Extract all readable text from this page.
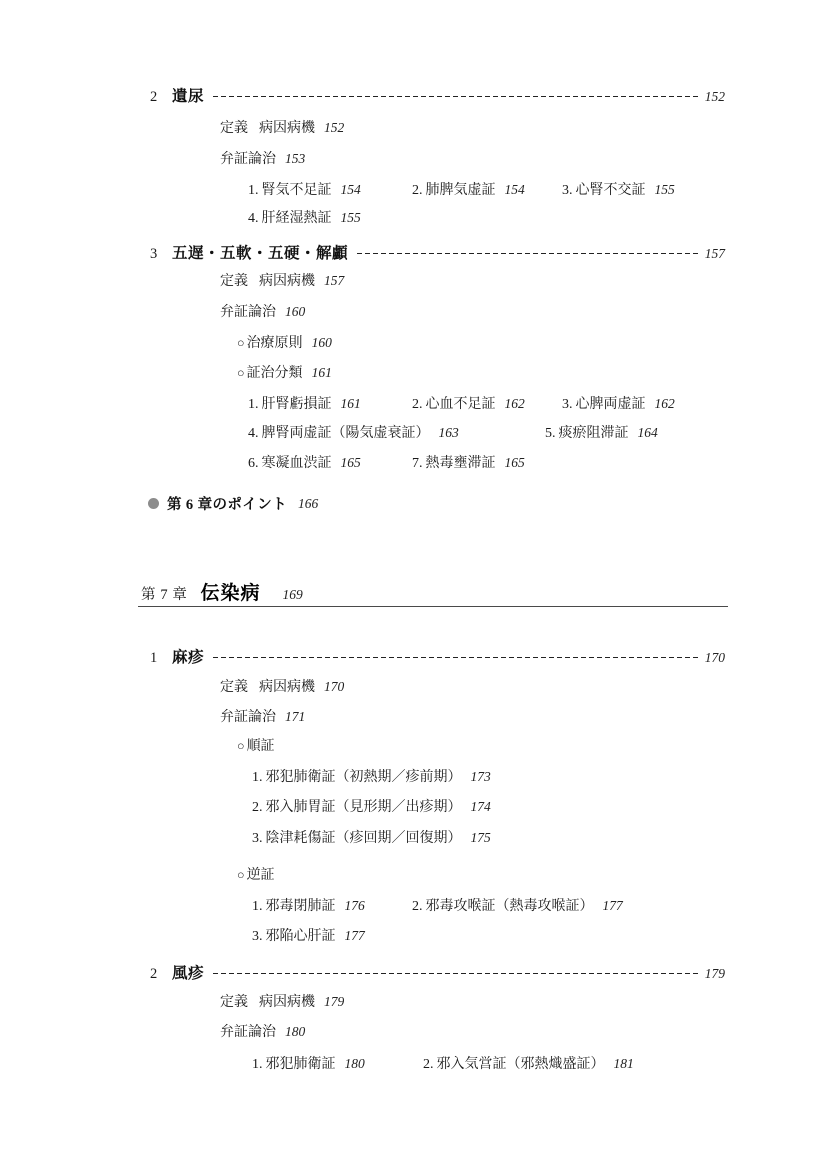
2 遺尿	152
定義 病因病機 152
弁証論治 153
1. 腎気不足証 154	2. 肺脾気虚証 154	3. 心腎不交証 155
4. 肝経湿熱証 155
3 五遅・五軟・五硬・解顱	157
定義 病因病機 157
弁証論治 160
○ 治療原則 160
○ 証治分類 161
1. 肝腎虧損証 161	2. 心血不足証 162	3. 心脾両虚証 162
4. 脾腎両虚証（陽気虚衰証） 163	5. 痰瘀阻滞証 164
6. 寒凝血渋証 165	7. 熱毒壅滞証 165
第 6 章のポイント 166
第 7 章 伝染病 169
1 麻疹	170
定義 病因病機 170
弁証論治 171
○ 順証
1. 邪犯肺衛証（初熱期／疹前期） 173
2. 邪入肺胃証（見形期／出疹期） 174
3. 陰津耗傷証（疹回期／回復期） 175
○ 逆証
1. 邪毒閉肺証 176	2. 邪毒攻喉証（熱毒攻喉証） 177
3. 邪陥心肝証 177
2 風疹	179
定義 病因病機 179
弁証論治 180
1. 邪犯肺衛証 180	2. 邪入気営証（邪熱熾盛証） 181
